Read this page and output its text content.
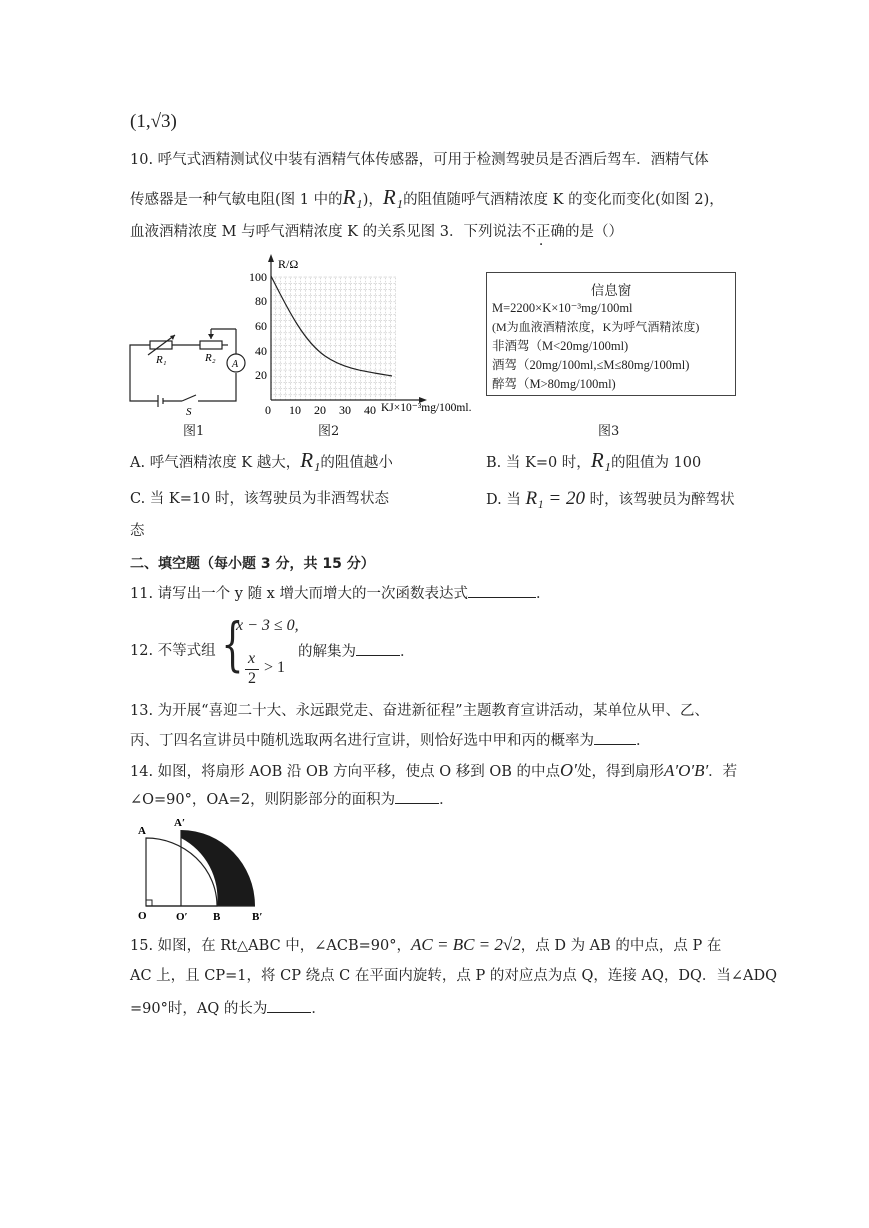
(1,√3)
10. 呼气式酒精测试仪中装有酒精气体传感器，可用于检测驾驶员是否酒后驾车．酒精气体
传感器是一种气敏电阻(图 1 中的R₁)，R₁的阻值随呼气酒精浓度 K 的变化而变化(如图 2)，
血液酒精浓度 M 与呼气酒精浓度 K 的关系见图 3．下列说法不正确的是（）
R₁	R₂
A
S
图1
R/Ω
100
80
60
40
20
0 10 20 30 40 KJ×10⁻³mg/100ml.
图2
信息窗
M=2200×K×10⁻³mg/100ml
(M为血液酒精浓度，K为呼气酒精浓度)
非酒驾（M<20mg/100ml)
酒驾（20mg/100ml,≤M≤80mg/100ml)
醉驾（M>80mg/100ml)
图3
A. 呼气酒精浓度 K 越大，R₁的阻值越小	B. 当 K=0 时，R₁的阻值为 100
C. 当 K=10 时，该驾驶员为非酒驾状态	D. 当 R₁ = 20 时，该驾驶员为醉驾状
态
二、填空题（每小题 3 分，共 15 分）
11. 请写出一个 y 随 x 增大而增大的一次函数表达式	．
12. 不等式组 {
x − 3 ≤ 0,
x
2
> 1
的解集为	．
13. 为开展“喜迎二十大、永远跟党走、奋进新征程”主题教育宣讲活动，某单位从甲、乙、
丙、丁四名宣讲员中随机选取两名进行宣讲，则恰好选中甲和丙的概率为	．
14. 如图，将扇形 AOB 沿 OB 方向平移，使点 O 移到 OB 的中点O′处，得到扇形A′O′B′．若
∠O=90°，OA=2，则阴影部分的面积为	．
A
A′
O	O′ B	B′
15. 如图，在 Rt△ABC 中，∠ACB=90°，AC = BC = 2√2，点 D 为 AB 的中点，点 P 在
AC 上，且 CP=1，将 CP 绕点 C 在平面内旋转，点 P 的对应点为点 Q，连接 AQ，DQ．当∠ADQ
=90°时，AQ 的长为	．
